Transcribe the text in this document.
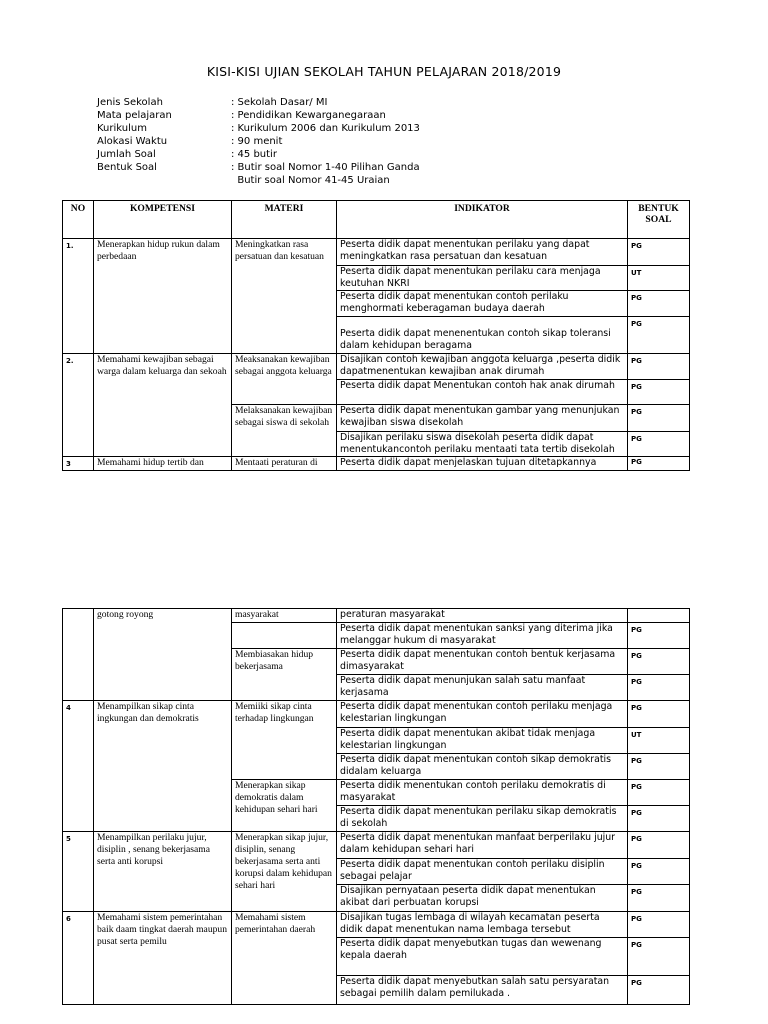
KISI-KISI UJIAN SEKOLAH TAHUN PELAJARAN 2018/2019
Jenis Sekolah	: Sekolah Dasar/ MI
Mata pelajaran	: Pendidikan Kewarganegaraan
Kurikulum	: Kurikulum 2006 dan Kurikulum 2013
Alokasi Waktu	: 90 menit
Jumlah Soal	: 45 butir
Bentuk Soal	: Butir soal Nomor 1-40 Pilihan Ganda
Butir soal Nomor 41-45 Uraian
NO	KOMPETENSI	MATERI	INDIKATOR	BENTUK SOAL
1.	Menerapkan hidup rukun dalam perbedaan	Meningkatkan rasa persatuan dan kesatuan	Peserta didik dapat menentukan perilaku yang dapat meningkatkan rasa persatuan dan kesatuan	PG
			Peserta didik dapat menentukan perilaku cara menjaga keutuhan NKRI	UT
			Peserta didik dapat menentukan contoh perilaku menghormati keberagaman budaya daerah	PG
			Peserta didik dapat menenentukan contoh sikap toleransi dalam kehidupan beragama	PG
2.	Memahami kewajiban sebagai warga dalam keluarga dan sekoah	Meaksanakan kewajiban sebagai anggota keluarga	Disajikan contoh kewajiban anggota keluarga ,peserta didik dapatmenentukan kewajiban anak dirumah	PG
			Peserta didik dapat Menentukan contoh hak anak dirumah	PG
		Melaksanakan kewajiban sebagai siswa di sekolah	Peserta didik dapat menentukan gambar yang menunjukan kewajiban siswa disekolah	PG
			Disajikan perilaku siswa disekolah peserta didik dapat menentukancontoh perilaku mentaati tata tertib disekolah	PG
3	Memahami hidup tertib dan	Mentaati peraturan di	Peserta didik dapat menjelaskan tujuan ditetapkannya	PG
	gotong royong	masyarakat	peraturan masyarakat	
			Peserta didik dapat menentukan sanksi yang diterima jika melanggar hukum di masyarakat	PG
		Membiasakan hidup bekerjasama	Peserta didik dapat menentukan contoh bentuk kerjasama dimasyarakat	PG
			Peserta didik dapat menunjukan salah satu manfaat kerjasama	PG
4	Menampilkan sikap cinta ingkungan dan demokratis	Memiiki sikap cinta terhadap lingkungan	Peserta didik dapat menentukan contoh perilaku menjaga kelestarian lingkungan	PG
			Peserta didik dapat menentukan akibat tidak menjaga kelestarian lingkungan	UT
			Peserta didik dapat menentukan contoh sikap demokratis didalam keluarga	PG
		Menerapkan sikap demokratis dalam kehidupan sehari hari	Peserta didik menentukan contoh perilaku demokratis di masyarakat	PG
			Peserta didik dapat menentukan perilaku sikap demokratis di sekolah	PG
5	Menampilkan perilaku jujur, disiplin , senang bekerjasama serta anti korupsi	Menerapkan sikap jujur, disiplin, senang bekerjasama serta anti korupsi dalam kehidupan sehari hari	Peserta didik dapat menentukan manfaat berperilaku jujur dalam kehidupan sehari hari	PG
			Peserta didik dapat menentukan contoh perilaku disiplin sebagai pelajar	PG
			Disajikan pernyataan peserta didik dapat menentukan akibat dari perbuatan korupsi	PG
6	Memahami sistem pemerintahan baik daam tingkat daerah maupun pusat serta pemilu	Memahami sistem pemerintahan daerah	Disajikan tugas lembaga di wilayah kecamatan peserta didik dapat menentukan nama lembaga tersebut	PG
			Peserta didik dapat menyebutkan tugas dan wewenang kepala daerah	PG
			Peserta didik dapat menyebutkan salah satu persyaratan sebagai pemilih dalam pemilukada .	PG
